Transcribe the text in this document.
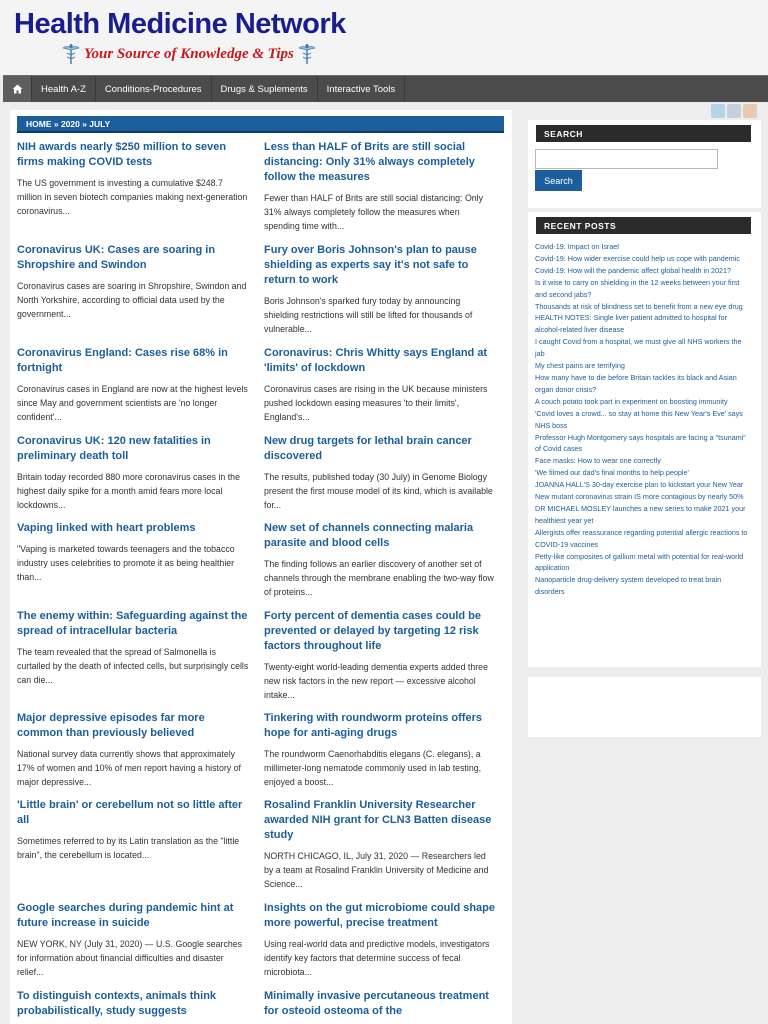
Health Medicine Network
Your Source of Knowledge & Tips
Health A-Z	Conditions-Procedures	Drugs & Suplements	Interactive Tools
HOME » 2020 » JULY
NIH awards nearly $250 million to seven firms making COVID tests

The US government is investing a cumulative $248.7 million in seven biotech companies making next-generation coronavirus...

Less than HALF of Brits are still social distancing: Only 31% always completely follow the measures

Fewer than HALF of Brits are still social distancing: Only 31% always completely follow the measures when spending time with...

Coronavirus UK: Cases are soaring in Shropshire and Swindon

Coronavirus cases are soaring in Shropshire, Swindon and North Yorkshire, according to official data used by the government...

Fury over Boris Johnson's plan to pause shielding as experts say it's not safe to return to work

Boris Johnson's sparked fury today by announcing shielding restrictions will still be lifted for thousands of vulnerable...

Coronavirus England: Cases rise 68% in fortnight

Coronavirus cases in England are now at the highest levels since May and government scientists are 'no longer confident'...

Coronavirus: Chris Whitty says England at 'limits' of lockdown

Coronavirus cases are rising in the UK because ministers pushed lockdown easing measures 'to their limits', England's...

Coronavirus UK: 120 new fatalities in preliminary death toll

Britain today recorded 880 more coronavirus cases in the highest daily spike for a month amid fears more local lockdowns...

New drug targets for lethal brain cancer discovered

The results, published today (30 July) in Genome Biology present the first mouse model of its kind, which is available for...

Vaping linked with heart problems

"Vaping is marketed towards teenagers and the tobacco industry uses celebrities to promote it as being healthier than...

New set of channels connecting malaria parasite and blood cells

The finding follows an earlier discovery of another set of channels through the membrane enabling the two-way flow of proteins...

The enemy within: Safeguarding against the spread of intracellular bacteria

The team revealed that the spread of Salmonella is curtailed by the death of infected cells, but surprisingly cells can die...

Forty percent of dementia cases could be prevented or delayed by targeting 12 risk factors throughout life

Twenty-eight world-leading dementia experts added three new risk factors in the new report — excessive alcohol intake...

Major depressive episodes far more common than previously believed

National survey data currently shows that approximately 17% of women and 10% of men report having a history of major depressive...

Tinkering with roundworm proteins offers hope for anti-aging drugs

The roundworm Caenorhabditis elegans (C. elegans), a millimeter-long nematode commonly used in lab testing, enjoyed a boost...

'Little brain' or cerebellum not so little after all

Sometimes referred to by its Latin translation as the "little brain", the cerebellum is located...

Rosalind Franklin University Researcher awarded NIH grant for CLN3 Batten disease study

NORTH CHICAGO, IL, July 31, 2020 — Researchers led by a team at Rosalind Franklin University of Medicine and Science...

Google searches during pandemic hint at future increase in suicide

NEW YORK, NY (July 31, 2020) — U.S. Google searches for information about financial difficulties and disaster relief...

Insights on the gut microbiome could shape more powerful, precise treatment

Using real-world data and predictive models, investigators identify key factors that determine success of fecal microbiota...

To distinguish contexts, animals think probabilistically, study suggests
Minimally invasive percutaneous treatment for osteoid osteoma of the
SEARCH
Search
RECENT POSTS
Covid-19: Impact on Israel
Covid-19: How wider exercise could help us cope with pandemic
Covid-19: How will the pandemic affect global health in 2021?
Is it wise to carry on shielding in the 12 weeks between your first and second jabs?
Thousands at risk of blindness set to benefit from a new eye drug
HEALTH NOTES: Single liver patient admitted to hospital for alcohol-related liver disease
I caught Covid from a hospital, we must give all NHS workers the jab
My chest pains are terrifying
How many have to die before Britain tackles its black and Asian organ donor crisis?
A couch potato took part in experiment on boosting immunity
'Covid loves a crowd... so stay at home this New Year's Eve' says NHS boss
Professor Hugh Montgomery says hospitals are facing a "tsunami" of Covid cases
Face masks: How to wear one correctly
'We filmed our dad's final months to help people'
JOANNA HALL'S 30-day exercise plan to kickstart your New Year
New mutant coronavirus strain IS more contagious by nearly 50%
DR MICHAEL MOSLEY launches a new series to make 2021 your healthiest year yet
Allergists offer reassurance regarding potential allergic reactions to COVID-19 vaccines
Petty-like composites of gallium metal with potential for real-world application
Nanoparticle drug-delivery system developed to treat brain disorders
